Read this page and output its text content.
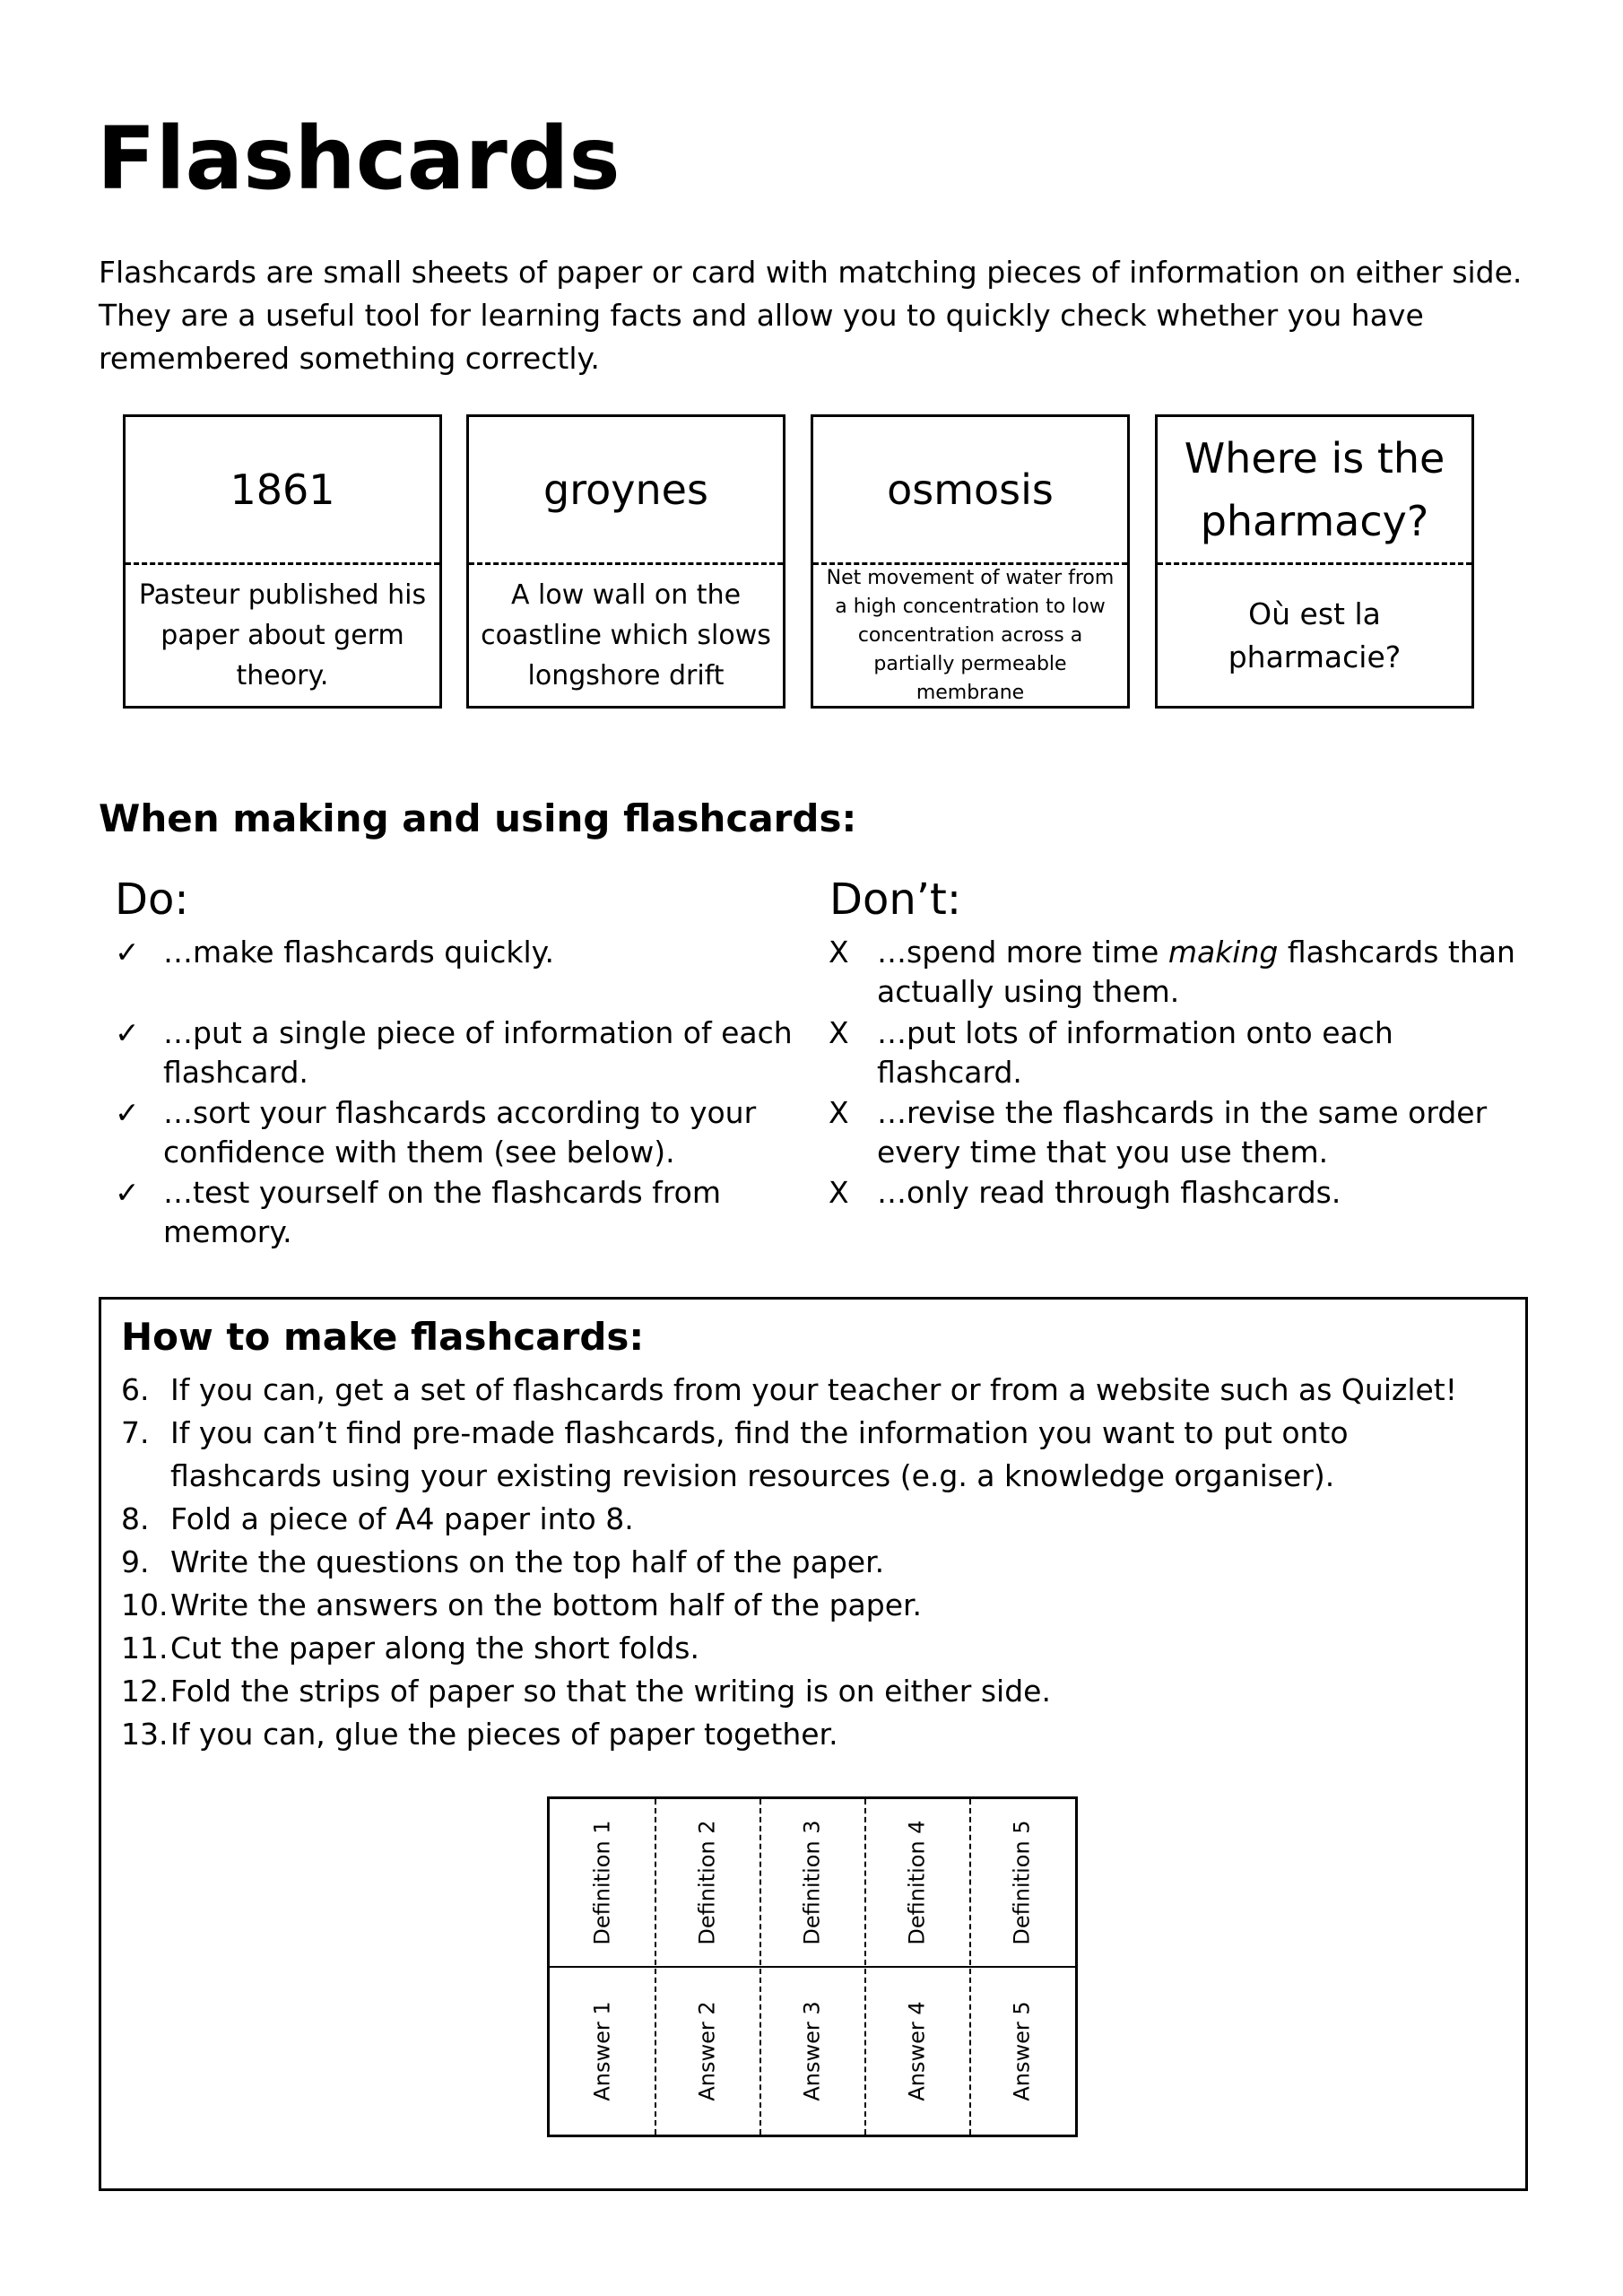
Flashcards

Flashcards are small sheets of paper or card with matching pieces of information on either side. They are a useful tool for learning facts and allow you to quickly check whether you have remembered something correctly.

1861
Pasteur published his paper about germ theory.
groynes
A low wall on the coastline which slows longshore drift
osmosis
Net movement of water from a high concentration to low concentration across a partially permeable membrane
Where is the pharmacy?
Où est la pharmacie?
When making and using flashcards:
Do:
✓ …make flashcards quickly.
✓ …put a single piece of information of each flashcard.
✓ …sort your flashcards according to your confidence with them (see below).
✓ …test yourself on the flashcards from memory.
Don’t:
X …spend more time making flashcards than actually using them.
X …put lots of information onto each flashcard.
X …revise the flashcards in the same order every time that you use them.
X …only read through flashcards.
How to make flashcards:
6. If you can, get a set of flashcards from your teacher or from a website such as Quizlet!
7. If you can’t find pre-made flashcards, find the information you want to put onto flashcards using your existing revision resources (e.g. a knowledge organiser).
8. Fold a piece of A4 paper into 8.
9. Write the questions on the top half of the paper.
10. Write the answers on the bottom half of the paper.
11. Cut the paper along the short folds.
12. Fold the strips of paper so that the writing is on either side.
13. If you can, glue the pieces of paper together.
Definition 1
Answer 1
Definition 2
Answer 2
Definition 3
Answer 3
Definition 4
Answer 4
Definition 5
Answer 5
